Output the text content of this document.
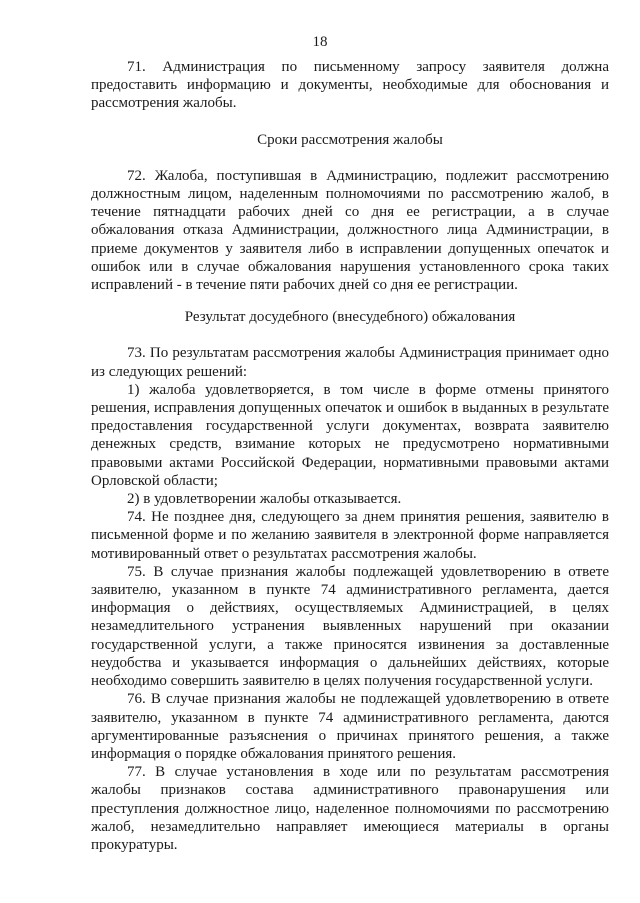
18

71. Администрация по письменному запросу заявителя должна предоставить информацию и документы, необходимые для обоснования и рассмотрения жалобы.

Сроки рассмотрения жалобы

72. Жалоба, поступившая в Администрацию, подлежит рассмотрению должностным лицом, наделенным полномочиями по рассмотрению жалоб, в течение пятнадцати рабочих дней со дня ее регистрации, а в случае обжалования отказа Администрации, должностного лица Администрации, в приеме документов у заявителя либо в исправлении допущенных опечаток и ошибок или в случае обжалования нарушения установленного срока таких исправлений - в течение пяти рабочих дней со дня ее регистрации.

Результат досудебного (внесудебного) обжалования

73. По результатам рассмотрения жалобы Администрация принимает одно из следующих решений:

1) жалоба удовлетворяется, в том числе в форме отмены принятого решения, исправления допущенных опечаток и ошибок в выданных в результате предоставления государственной услуги документах, возврата заявителю денежных средств, взимание которых не предусмотрено нормативными правовыми актами Российской Федерации, нормативными правовыми актами Орловской области;

2) в удовлетворении жалобы отказывается.

74. Не позднее дня, следующего за днем принятия решения, заявителю в письменной форме и по желанию заявителя в электронной форме направляется мотивированный ответ о результатах рассмотрения жалобы.

75. В случае признания жалобы подлежащей удовлетворению в ответе заявителю, указанном в пункте 74 административного регламента, дается информация о действиях, осуществляемых Администрацией, в целях незамедлительного устранения выявленных нарушений при оказании государственной услуги, а также приносятся извинения за доставленные неудобства и указывается информация о дальнейших действиях, которые необходимо совершить заявителю в целях получения государственной услуги.

76. В случае признания жалобы не подлежащей удовлетворению в ответе заявителю, указанном в пункте 74 административного регламента, даются аргументированные разъяснения о причинах принятого решения, а также информация о порядке обжалования принятого решения.

77. В случае установления в ходе или по результатам рассмотрения жалобы признаков состава административного правонарушения или преступления должностное лицо, наделенное полномочиями по рассмотрению жалоб, незамедлительно направляет имеющиеся материалы в органы прокуратуры.
